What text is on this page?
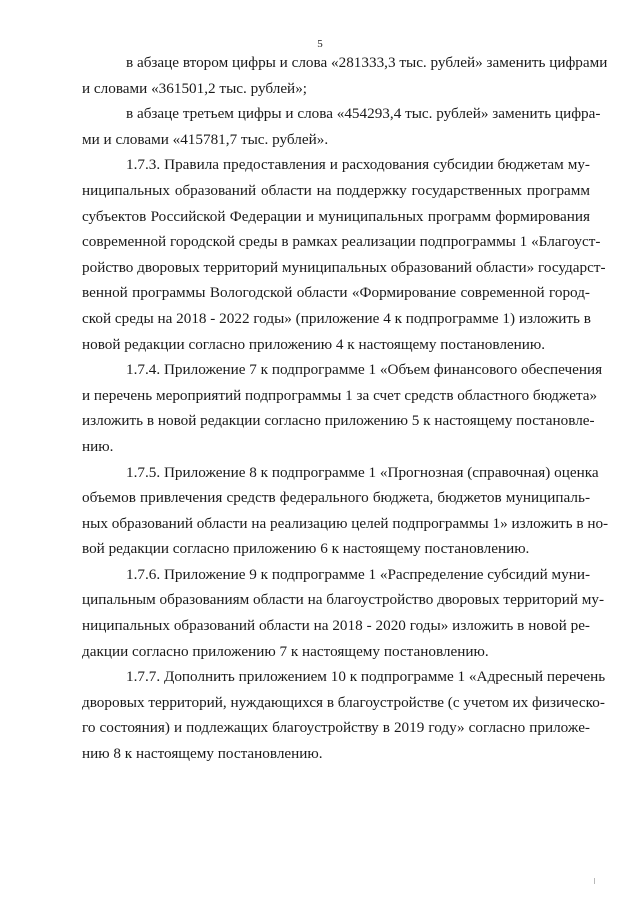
5

в абзаце втором цифры и слова «281333,3 тыс. рублей» заменить цифрами
и словами «361501,2 тыс. рублей»;

в абзаце третьем цифры и слова «454293,4 тыс. рублей» заменить цифра-
ми и словами «415781,7 тыс. рублей».

1.7.3. Правила предоставления и расходования субсидии бюджетам му-
ниципальных образований области на поддержку государственных программ
субъектов Российской Федерации и муниципальных программ формирования
современной городской среды в рамках реализации подпрограммы 1 «Благоуст-
ройство дворовых территорий муниципальных образований области» государст-
венной программы Вологодской области «Формирование современной город-
ской среды на 2018 - 2022 годы» (приложение 4 к подпрограмме 1) изложить в
новой редакции согласно приложению 4 к настоящему постановлению.

1.7.4. Приложение 7 к подпрограмме 1 «Объем финансового обеспечения
и перечень мероприятий подпрограммы 1 за счет средств областного бюджета»
изложить в новой редакции согласно приложению 5 к настоящему постановле-
нию.

1.7.5. Приложение 8 к подпрограмме 1 «Прогнозная (справочная) оценка
объемов привлечения средств федерального бюджета, бюджетов муниципаль-
ных образований области на реализацию целей подпрограммы 1» изложить в но-
вой редакции согласно приложению 6 к настоящему постановлению.

1.7.6. Приложение 9 к подпрограмме 1 «Распределение субсидий муни-
ципальным образованиям области на благоустройство дворовых территорий му-
ниципальных образований области на 2018 - 2020 годы» изложить в новой ре-
дакции согласно приложению 7 к настоящему постановлению.

1.7.7. Дополнить приложением 10 к подпрограмме 1 «Адресный перечень
дворовых территорий, нуждающихся в благоустройстве (с учетом их физическо-
го состояния) и подлежащих благоустройству в 2019 году» согласно приложе-
нию 8 к настоящему постановлению.
